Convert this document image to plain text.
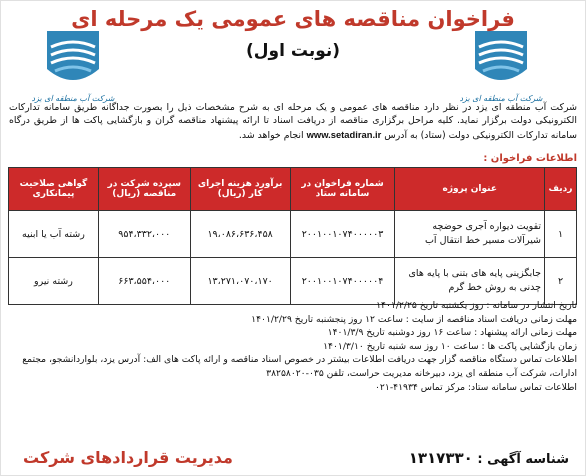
شرکت آب منطقه ای یزد
شرکت آب منطقه ای یزد
فراخوان مناقصه های عمومی یک مرحله ای
(نوبت اول)
شرکت آب منطقه ای یزد در نظر دارد مناقصه های عمومی و یک مرحله ای به شرح مشخصات ذیل را بصورت جداگانه طریق سامانه تدارکات الکترونیکی دولت برگزار نماید. کلیه مراحل برگزاری مناقصه از دریافت اسناد تا ارائه پیشنهاد مناقصه گران و بازگشایی پاکت ها از طریق درگاه سامانه تدارکات الکترونیکی دولت (ستاد) به آدرس www.setadiran.ir انجام خواهد شد.
اطلاعات فراخوان :
ردیف	عنوان پروژه	شماره فراخوان در سامانه ستاد	برآورد هزینه اجرای کار (ریال)	سپرده شرکت در مناقصه (ریال)	گواهی صلاحیت پیمانکاری
۱	تقویت دیواره آجری حوضچه شیرآلات مسیر خط انتقال آب	۲۰۰۱۰۰۱۰۷۴۰۰۰۰۰۳	۱۹،۰۸۶،۶۳۶،۴۵۸	۹۵۴،۳۳۲،۰۰۰	رشته آب یا ابنیه
۲	جابگزینی پایه های بتنی با پایه های چدنی به روش خط گرم	۲۰۰۱۰۰۱۰۷۴۰۰۰۰۰۴	۱۳،۲۷۱،۰۷۰،۱۷۰	۶۶۳،۵۵۴،۰۰۰	رشته نیرو
تاریخ انتشار در سامانه : روز یکشنبه تاریخ ۱۴۰۱/۲/۲۵
مهلت زمانی دریافت اسناد مناقصه از سایت : ساعت ۱۲ روز پنجشنبه تاریخ ۱۴۰۱/۲/۲۹
مهلت زمانی ارائه پیشنهاد : ساعت ۱۶ روز دوشنبه تاریخ ۱۴۰۱/۳/۹
زمان بازگشایی پاکت ها : ساعت ۱۰ روز سه شنبه تاریخ ۱۴۰۱/۳/۱۰
اطلاعات تماس دستگاه مناقصه گزار جهت دریافت اطلاعات بیشتر در خصوص اسناد مناقصه و ارائه پاکت های الف: آدرس یزد، بلواردانشجو، مجتمع ادارات، شرکت آب منطقه ای یزد، دبیرخانه مدیریت حراست، تلفن ۰۳۵-۳۸۲۵۸۰۲۰
اطلاعات تماس سامانه ستاد: مرکز تماس ۴۱۹۳۴-۰۲۱
شناسه آگهی : ۱۳۱۷۳۳۰
مدیریت قراردادهای شرکت
